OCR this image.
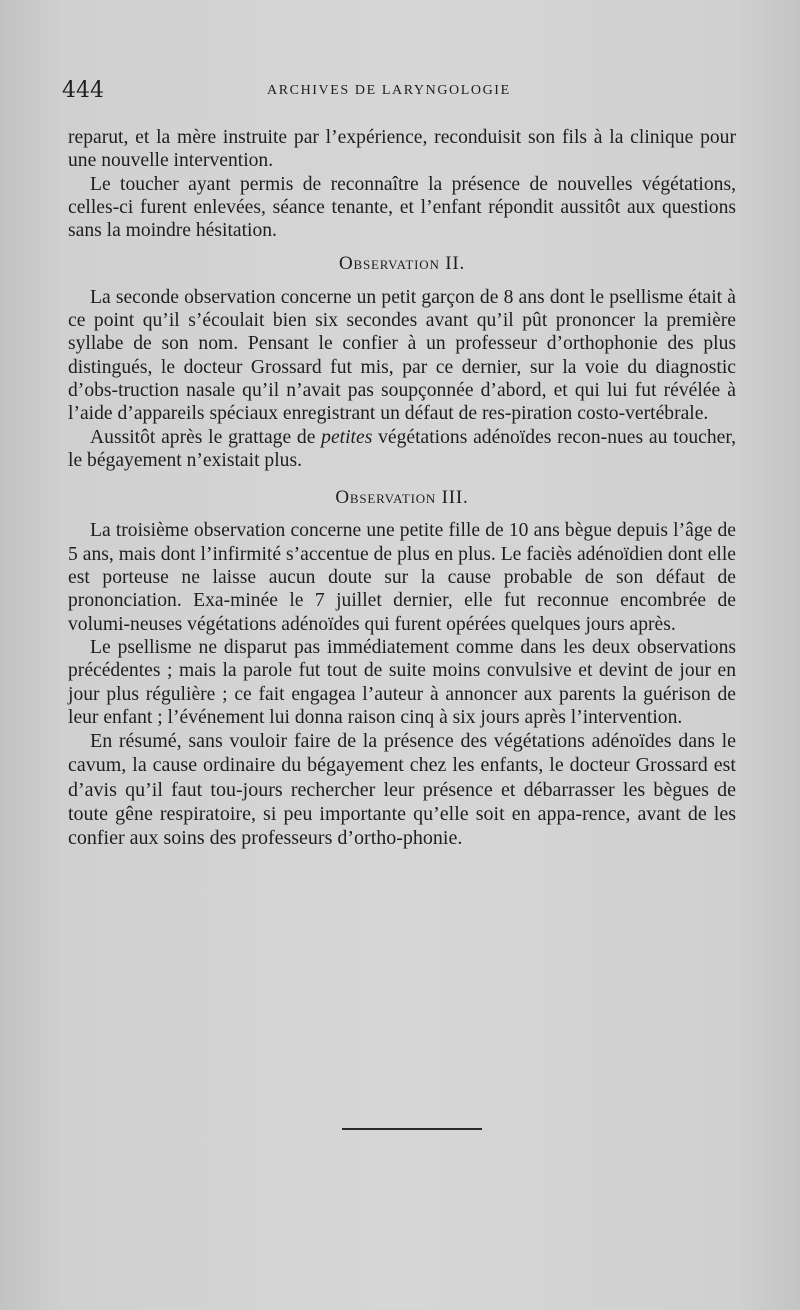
444	ARCHIVES DE LARYNGOLOGIE

reparut, et la mère instruite par l’expérience, reconduisit son fils à la clinique pour une nouvelle intervention.

Le toucher ayant permis de reconnaître la présence de nouvelles végétations, celles-ci furent enlevées, séance tenante, et l’enfant répondit aussitôt aux questions sans la moindre hésitation.

Observation II.

La seconde observation concerne un petit garçon de 8 ans dont le psellisme était à ce point qu’il s’écoulait bien six secondes avant qu’il pût prononcer la première syllabe de son nom. Pensant le confier à un professeur d’orthophonie des plus distingués, le docteur Grossard fut mis, par ce dernier, sur la voie du diagnostic d’obs-truction nasale qu’il n’avait pas soupçonnée d’abord, et qui lui fut révélée à l’aide d’appareils spéciaux enregistrant un défaut de res-piration costo-vertébrale.

Aussitôt après le grattage de petites végétations adénoïdes recon-nues au toucher, le bégayement n’existait plus.

Observation III.

La troisième observation concerne une petite fille de 10 ans bègue depuis l’âge de 5 ans, mais dont l’infirmité s’accentue de plus en plus. Le faciès adénoïdien dont elle est porteuse ne laisse aucun doute sur la cause probable de son défaut de prononciation. Exa-minée le 7 juillet dernier, elle fut reconnue encombrée de volumi-neuses végétations adénoïdes qui furent opérées quelques jours après.

Le psellisme ne disparut pas immédiatement comme dans les deux observations précédentes ; mais la parole fut tout de suite moins convulsive et devint de jour en jour plus régulière ; ce fait engagea l’auteur à annoncer aux parents la guérison de leur enfant ; l’événement lui donna raison cinq à six jours après l’intervention.

En résumé, sans vouloir faire de la présence des végétations adénoïdes dans le cavum, la cause ordinaire du bégayement chez les enfants, le docteur Grossard est d’avis qu’il faut tou-jours rechercher leur présence et débarrasser les bègues de toute gêne respiratoire, si peu importante qu’elle soit en appa-rence, avant de les confier aux soins des professeurs d’ortho-phonie.
